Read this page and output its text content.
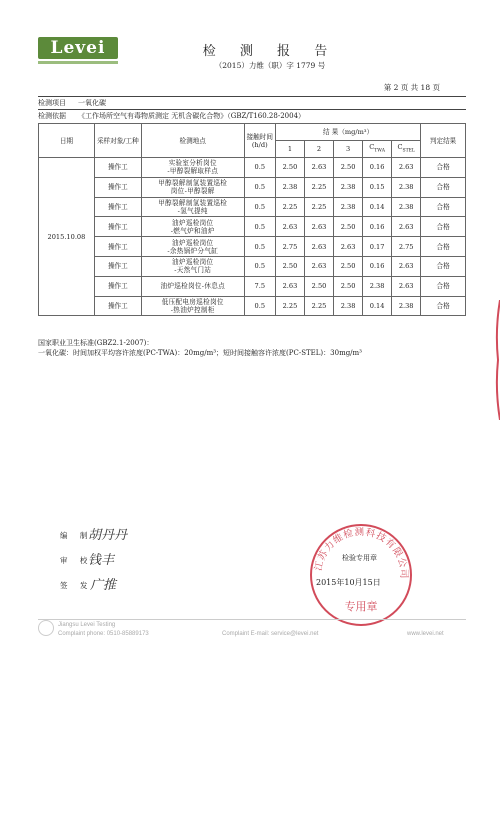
Levei	检 测 报 告
（2015）力维（职）字 1779 号
第 2 页 共 18 页
检测项目 一氧化碳
检测依据 《工作场所空气有毒物质测定 无机含碳化合物》（GBZ/T160.28-2004）
日期	采样对象/工种	检测地点	接触时间(h/d)	结 果（mg/m³）					判定结果
				1	2	3	$C_{TWA}$	$C_{STEL}$
2015.10.08	操作工	实验室分析岗位
-甲醇裂解取样点	0.5	2.50	2.63	2.50	0.16	2.63	合格
	操作工	甲醇裂解制氢装置巡检
岗位-甲醇裂解	0.5	2.38	2.25	2.38	0.15	2.38	合格
	操作工	甲醇裂解制氢装置巡检
-氢气提纯	0.5	2.25	2.25	2.38	0.14	2.38	合格
	操作工	油炉巡检岗位
-燃气炉和油炉	0.5	2.63	2.63	2.50	0.16	2.63	合格
	操作工	油炉巡检岗位
-余热锅炉分气缸	0.5	2.75	2.63	2.63	0.17	2.75	合格
	操作工	油炉巡检岗位
-天然气门站	0.5	2.50	2.63	2.50	0.16	2.63	合格
	操作工	油炉巡检岗位-休息点	7.5	2.63	2.50	2.50	2.38	2.63	合格
	操作工	低压配电房巡检岗位
-热油炉控制柜	0.5	2.25	2.25	2.38	0.14	2.38	合格
国家职业卫生标准(GBZ2.1-2007)：
一氧化碳：时间加权平均容许浓度(PC-TWA)：20mg/m³；短时间接触容许浓度(PC-STEL)：30mg/m³
编 制
胡丹丹
审 校
钱丰
签 发
广推
江苏力维检测科技有限公司
专用章
检验专用章
2015年10月15日
Jiangsu Levei Testing
Complaint phone: 0510-85889173	Complaint E-mail: service@levei.net	www.levei.net
